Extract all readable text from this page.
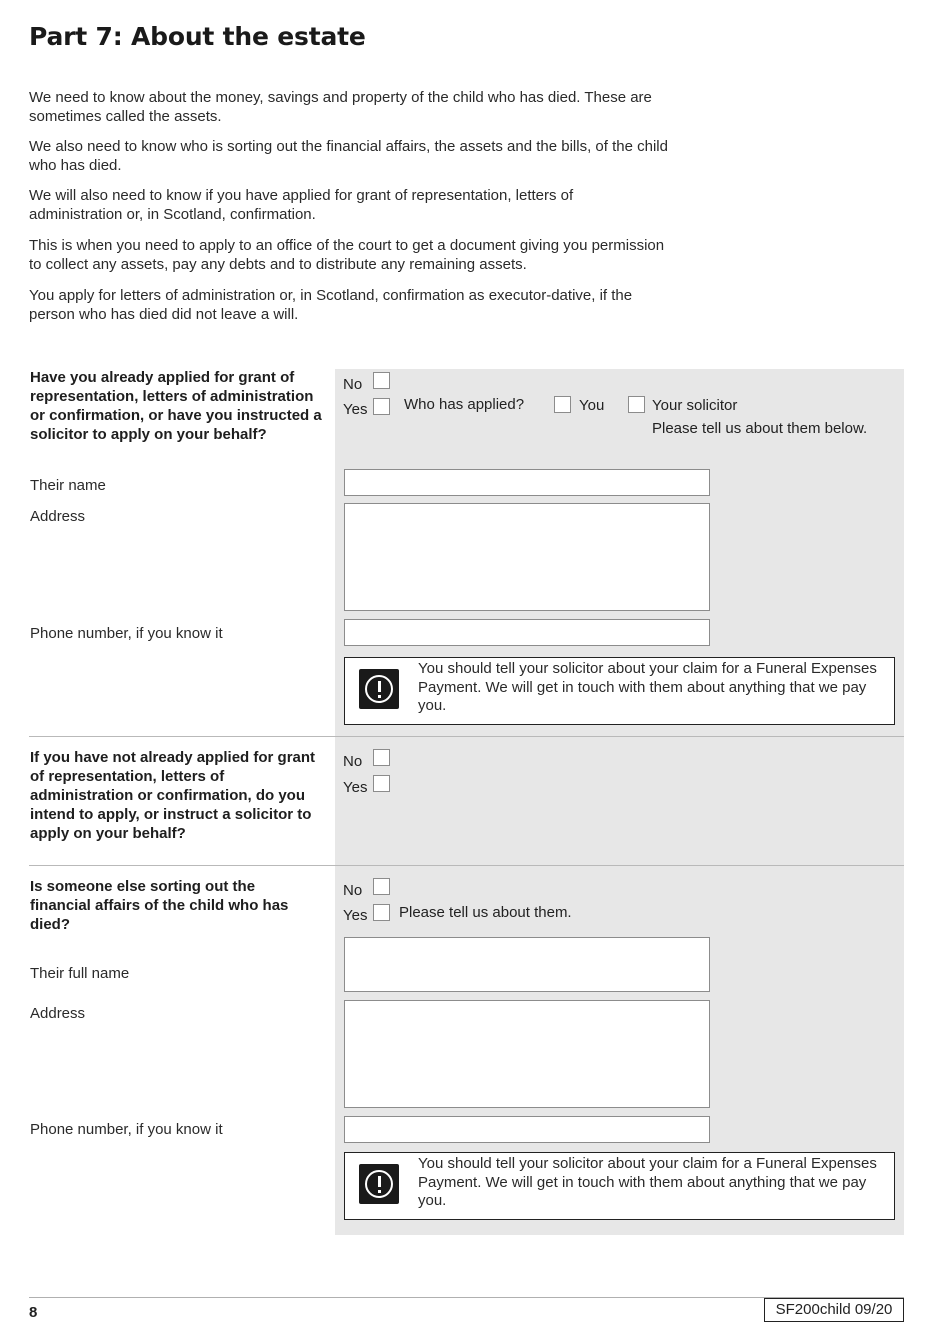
Part 7: About the estate

We need to know about the money, savings and property of the child who has died. These are sometimes called the assets.

We also need to know who is sorting out the financial affairs, the assets and the bills, of the child who has died.

We will also need to know if you have applied for grant of representation, letters of administration or, in Scotland, confirmation.

This is when you need to apply to an office of the court to get a document giving you permission to collect any assets, pay any debts and to distribute any remaining assets.

You apply for letters of administration or, in Scotland, confirmation as executor-dative, if the person who has died did not leave a will.

Have you already applied for grant of representation, letters of administration or confirmation, or have you instructed a solicitor to apply on your behalf?

No
Yes Who has applied?	You	Your solicitor
Please tell us about them below.
Their name
Address
Phone number, if you know it
You should tell your solicitor about your claim for a Funeral Expenses Payment. We will get in touch with them about anything that we pay you.

If you have not already applied for grant of representation, letters of administration or confirmation, do you intend to apply, or instruct a solicitor to apply on your behalf?

No
Yes

Is someone else sorting out the financial affairs of the child who has died?

No
Yes Please tell us about them.
Their full name
Address
Phone number, if you know it
You should tell your solicitor about your claim for a Funeral Expenses Payment. We will get in touch with them about anything that we pay you.
8	SF200child 09/20
